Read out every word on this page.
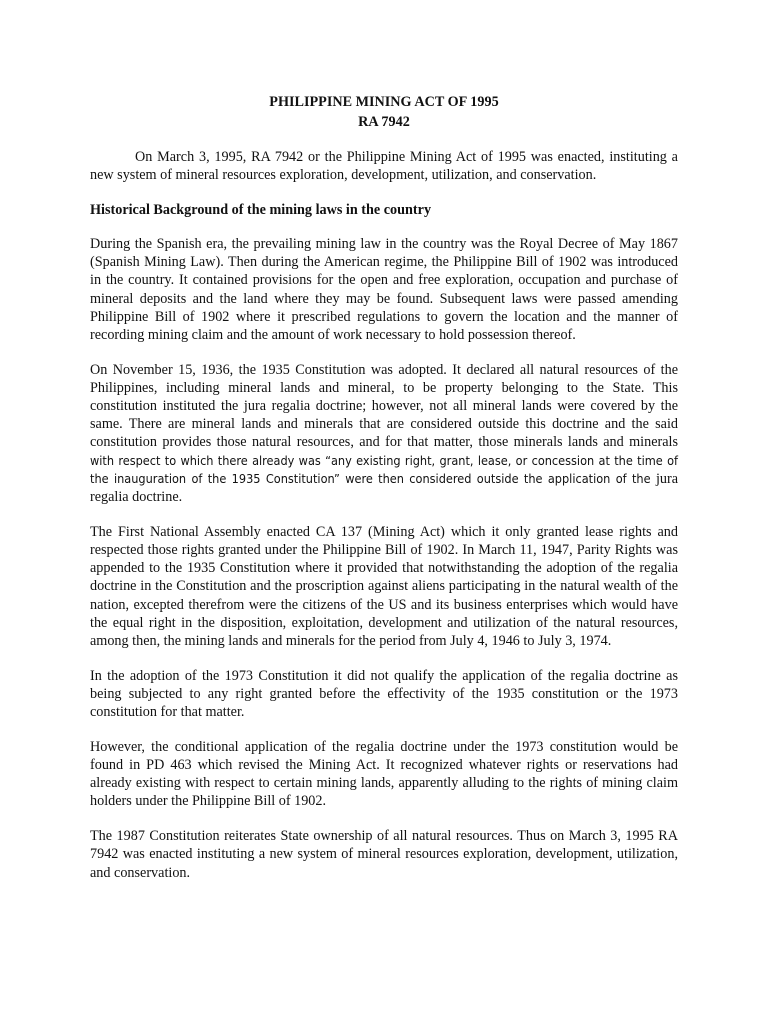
PHILIPPINE MINING ACT OF 1995
RA 7942

On March 3, 1995, RA 7942 or the Philippine Mining Act of 1995 was enacted, instituting a new system of mineral resources exploration, development, utilization, and conservation.

Historical Background of the mining laws in the country

During the Spanish era, the prevailing mining law in the country was the Royal Decree of May 1867 (Spanish Mining Law). Then during the American regime, the Philippine Bill of 1902 was introduced in the country. It contained provisions for the open and free exploration, occupation and purchase of mineral deposits and the land where they may be found. Subsequent laws were passed amending Philippine Bill of 1902 where it prescribed regulations to govern the location and the manner of recording mining claim and the amount of work necessary to hold possession thereof.

On November 15, 1936, the 1935 Constitution was adopted. It declared all natural resources of the Philippines, including mineral lands and mineral, to be property belonging to the State. This constitution instituted the jura regalia doctrine; however, not all mineral lands were covered by the same. There are mineral lands and minerals that are considered outside this doctrine and the said constitution provides those natural resources, and for that matter, those minerals lands and minerals with respect to which there already was “any existing right, grant, lease, or concession at the time of the inauguration of the 1935 Constitution” were then considered outside the application of the jura regalia doctrine.

The First National Assembly enacted CA 137 (Mining Act) which it only granted lease rights and respected those rights granted under the Philippine Bill of 1902. In March 11, 1947, Parity Rights was appended to the 1935 Constitution where it provided that notwithstanding the adoption of the regalia doctrine in the Constitution and the proscription against aliens participating in the natural wealth of the nation, excepted therefrom were the citizens of the US and its business enterprises which would have the equal right in the disposition, exploitation, development and utilization of the natural resources, among then, the mining lands and minerals for the period from July 4, 1946 to July 3, 1974.

In the adoption of the 1973 Constitution it did not qualify the application of the regalia doctrine as being subjected to any right granted before the effectivity of the 1935 constitution or the 1973 constitution for that matter.

However, the conditional application of the regalia doctrine under the 1973 constitution would be found in PD 463 which revised the Mining Act. It recognized whatever rights or reservations had already existing with respect to certain mining lands, apparently alluding to the rights of mining claim holders under the Philippine Bill of 1902.

The 1987 Constitution reiterates State ownership of all natural resources. Thus on March 3, 1995 RA 7942 was enacted instituting a new system of mineral resources exploration, development, utilization, and conservation.
